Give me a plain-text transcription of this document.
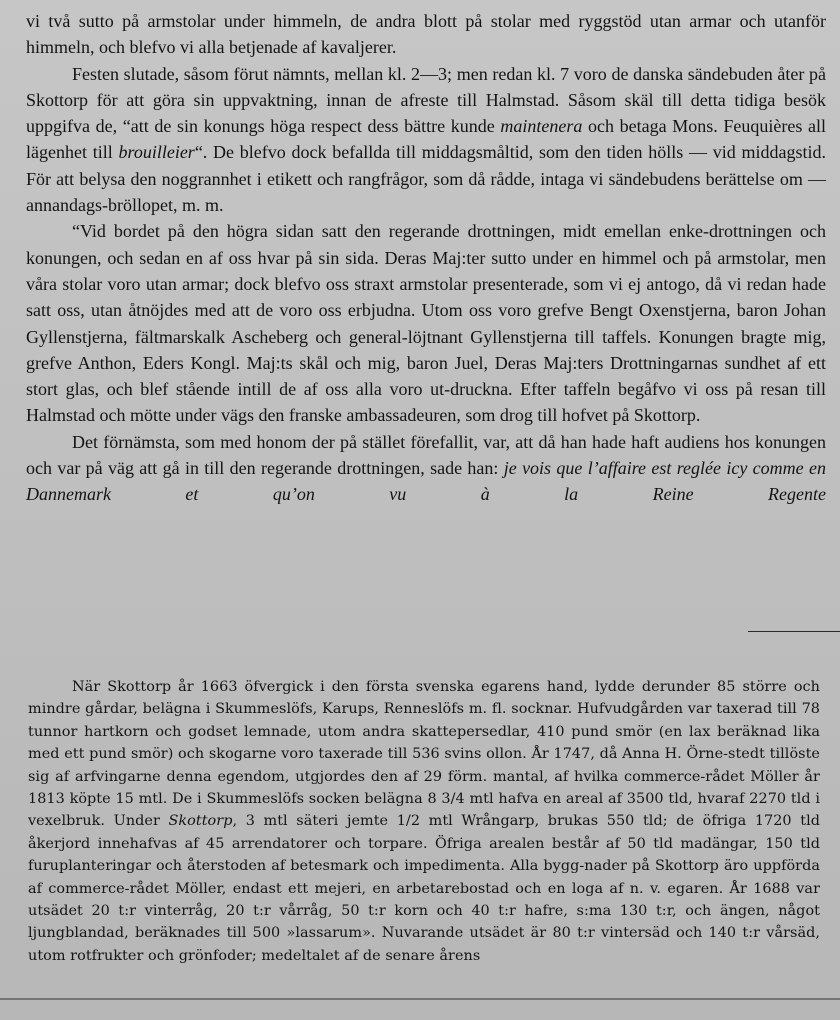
vi två sutto på armstolar under himmeln, de andra blott på stolar med ryggstöd utan armar och utanför himmeln, och blefvo vi alla betjenade af kavaljerer.

Festen slutade, såsom förut nämnts, mellan kl. 2—3; men redan kl. 7 voro de danska sändebuden åter på Skottorp för att göra sin uppvaktning, innan de afreste till Halmstad. Såsom skäl till detta tidiga besök uppgifva de, “att de sin konungs höga respect dess bättre kunde maintenera och betaga Mons. Feuquières all lägenhet till brouilleier“. De blefvo dock befallda till middagsmåltid, som den tiden hölls — vid middagstid. För att belysa den noggrannhet i etikett och rangfrågor, som då rådde, intaga vi sändebudens berättelse om — annandags-bröllopet, m. m.

“Vid bordet på den högra sidan satt den regerande drottningen, midt emellan enke-drottningen och konungen, och sedan en af oss hvar på sin sida. Deras Maj:ter sutto under en himmel och på armstolar, men våra stolar voro utan armar; dock blefvo oss straxt armstolar presenterade, som vi ej antogo, då vi redan hade satt oss, utan åtnöjdes med att de voro oss erbjudna. Utom oss voro grefve Bengt Oxenstjerna, baron Johan Gyllenstjerna, fältmarskalk Ascheberg och general-löjtnant Gyllenstjerna till taffels. Konungen bragte mig, grefve Anthon, Eders Kongl. Maj:ts skål och mig, baron Juel, Deras Maj:ters Drottningarnas sundhet af ett stort glas, och blef stående intill de af oss alla voro ut-druckna. Efter taffeln begåfvo vi oss på resan till Halmstad och mötte under vägs den franske ambassadeuren, som drog till hofvet på Skottorp.

Det förnämsta, som med honom der på stället förefallit, var, att då han hade haft audiens hos konungen och var på väg att gå in till den regerande drottningen, sade han: je vois que l’affaire est reglée icy comme en Dannemark et qu’on vu à la Reine Regente

När Skottorp år 1663 öfvergick i den första svenska egarens hand, lydde derunder 85 större och mindre gårdar, belägna i Skummeslöfs, Karups, Renneslöfs m. fl. socknar. Hufvudgården var taxerad till 78 tunnor hartkorn och godset lemnade, utom andra skattepersedlar, 410 pund smör (en lax beräknad lika med ett pund smör) och skogarne voro taxerade till 536 svins ollon. År 1747, då Anna H. Örne-stedt tillöste sig af arfvingarne denna egendom, utgjordes den af 29 förm. mantal, af hvilka commerce-rådet Möller år 1813 köpte 15 mtl. De i Skummeslöfs socken belägna 8 3/4 mtl hafva en areal af 3500 tld, hvaraf 2270 tld i vexelbruk. Under Skottorp, 3 mtl säteri jemte 1/2 mtl Wrångarp, brukas 550 tld; de öfriga 1720 tld åkerjord innehafvas af 45 arrendatorer och torpare. Öfriga arealen består af 50 tld madängar, 150 tld furuplanteringar och återstoden af betesmark och impedimenta. Alla bygg-nader på Skottorp äro uppförda af commerce-rådet Möller, endast ett mejeri, en arbetarebostad och en loga af n. v. egaren. År 1688 var utsädet 20 t:r vinterråg, 20 t:r vårråg, 50 t:r korn och 40 t:r hafre, s:ma 130 t:r, och ängen, något ljungblandad, beräknades till 500 »lassarum». Nuvarande utsädet är 80 t:r vintersäd och 140 t:r vårsäd, utom rotfrukter och grönfoder; medeltalet af de senare årens
